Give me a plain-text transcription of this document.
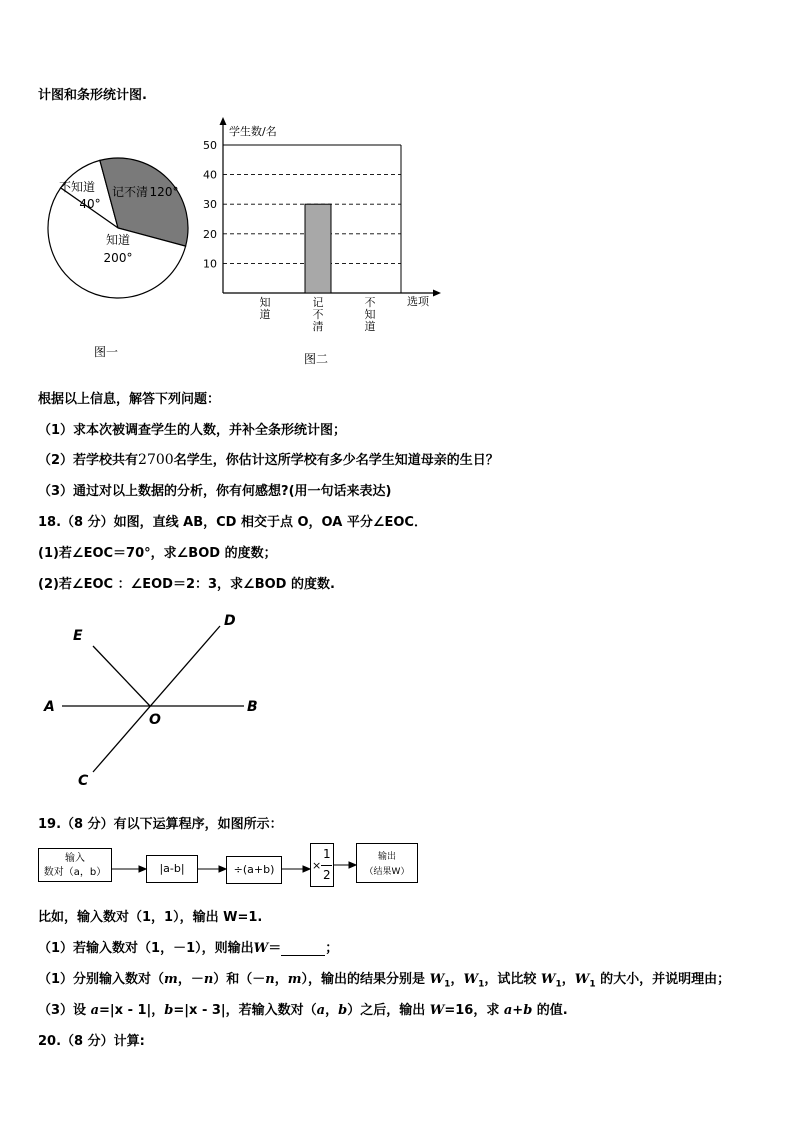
计图和条形统计图.
不知道
40°
记不清 120°
知道
200°
图一
10
20
30
40
50
知道
记不清
不知道
学生数/名
选项
图二
根据以上信息，解答下列问题：
（1）求本次被调查学生的人数，并补全条形统计图；
（2）若学校共有2700名学生，你估计这所学校有多少名学生知道母亲的生日？
（3）通过对以上数据的分析，你有何感想?(用一句话来表达)
18.（8 分）如图，直线 AB，CD 相交于点 O，OA 平分∠EOC．
(1)若∠EOC＝70°，求∠BOD 的度数；
(2)若∠EOC ：∠EOD＝2：3，求∠BOD 的度数.
A	B
C
D
E
O
19.（8 分）有以下运算程序，如图所示：
输入
数对（a，b）	|a-b|	÷(a+b)	×
1
2
输出
（结果W）
比如，输入数对（1，1），输出 W=1.
（1）若输入数对（1，－1），则输出W＝	；
（1）分别输入数对（m，－n）和（－n，m），输出的结果分别是 $W_1$，$W_1$，试比较 $W_1$，$W_1$ 的大小，并说明理由；
（3）设 a=|x - 1|，b=|x - 3|，若输入数对（a，b）之后，输出 W=16，求 a+b 的值.
20.（8 分）计算:
